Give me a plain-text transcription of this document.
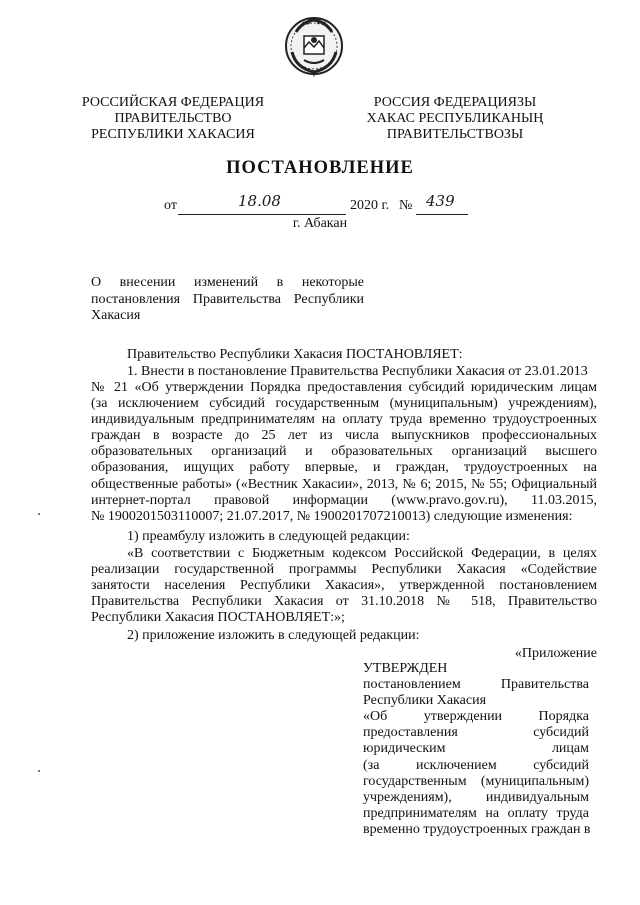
РОССИЙСКАЯ ФЕДЕРАЦИЯ
ПРАВИТЕЛЬСТВО
РЕСПУБЛИКИ ХАКАСИЯ
РОССИЯ ФЕДЕРАЦИЯЗЫ
ХАКАС РЕСПУБЛИКАНЫҢ
ПРАВИТЕЛЬСТВОЗЫ
ПОСТАНОВЛЕНИЕ
от	18.08	2020 г. № 439
г. Абакан
О внесении изменений в некоторые
постановления Правительства Республики
Хакасия
Правительство Республики Хакасия ПОСТАНОВЛЯЕТ:
1. Внести в постановление Правительства Республики Хакасия от 23.01.2013
№ 21 «Об утверждении Порядка предоставления субсидий юридическим лицам
(за исключением субсидий государственным (муниципальным) учреждениям),
индивидуальным предпринимателям на оплату труда временно трудоустроенных
граждан в возрасте до 25 лет из числа выпускников профессиональных
образовательных организаций и образовательных организаций высшего
образования, ищущих работу впервые, и граждан, трудоустроенных на
общественные работы» («Вестник Хакасии», 2013, № 6; 2015, № 55; Официальный
интернет-портал правовой информации (www.pravo.gov.ru), 11.03.2015,
№ 1900201503110007; 21.07.2017, № 1900201707210013) следующие изменения:
1) преамбулу изложить в следующей редакции:
«В соответствии с Бюджетным кодексом Российской Федерации, в целях
реализации государственной программы Республики Хакасия «Содействие
занятости населения Республики Хакасия», утвержденной постановлением
Правительства Республики Хакасия от 31.10.2018 № 518, Правительство
Республики Хакасия ПОСТАНОВЛЯЕТ:»;
2) приложение изложить в следующей редакции:
«Приложение
УТВЕРЖДЕН
постановлением Правительства
Республики Хакасия
«Об утверждении Порядка
предоставления субсидий
юридическим лицам
(за исключением субсидий
государственным (муниципальным)
учреждениям), индивидуальным
предпринимателям на оплату труда
временно трудоустроенных граждан в
